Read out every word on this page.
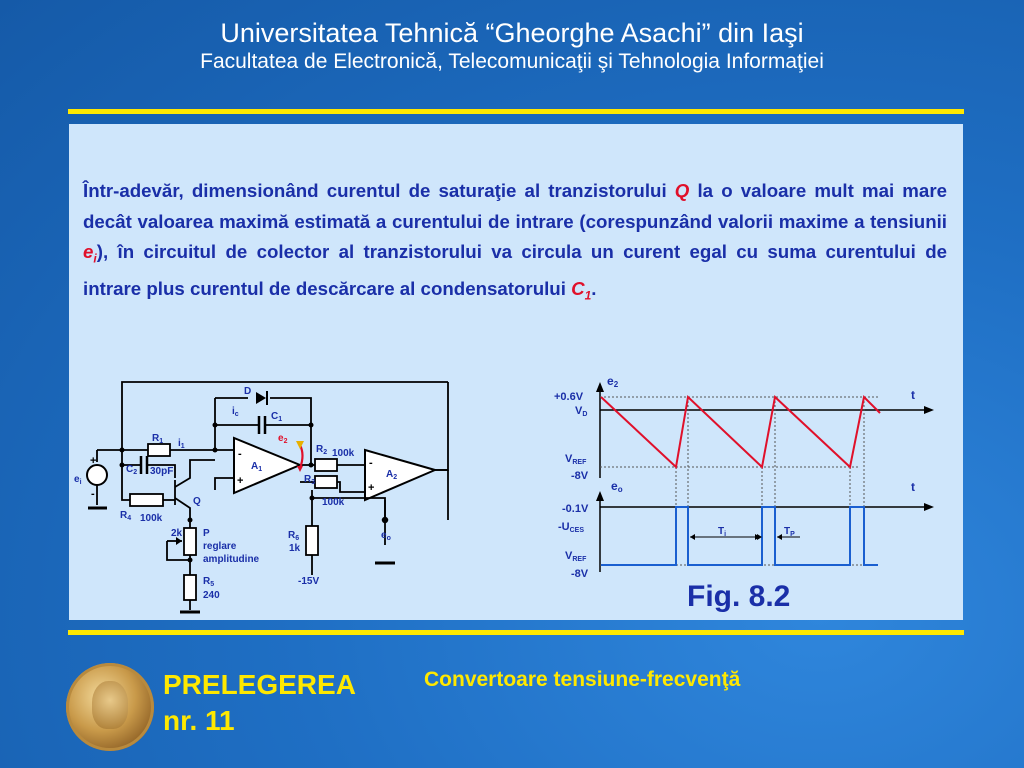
Universitatea Tehnică “Gheorghe Asachi” din Iaşi
Facultatea de Electronică, Telecomunicaţii şi Tehnologia Informaţiei
Într-adevăr, dimensionând curentul de saturaţie al tranzistorului Q la o valoare mult mai mare decât valoarea maximă estimată a curentului de intrare (corespunzând valorii maxime a tensiunii $e_i$), în circuitul de colector al tranzistorului va circula un curent egal cu suma curentului de intrare plus curentul de descărcare al condensatorului $C_1$.
D
$i_c$	$C_1$
$R_1$ $i_1$
$e_2$
$R_2$ 100k
$R_3$
100k
$A_1$	$A_2$
$C_2$ 30pF
$e_i$
$R_4$ 100k
Q
2k P
reglare
amplitudine
$R_5$
240
$R_6$
1k
-15V
$e_o$
+
-
-
+
-
+
$T_i$	$T_P$
e2
+0.6V
VD
VREF
-8V
t
eo	t
-0.1V
-UCES
VREF
-8V
Fig. 8.2
PRELEGEREA
nr. 11
Convertoare tensiune-frecvenţă
